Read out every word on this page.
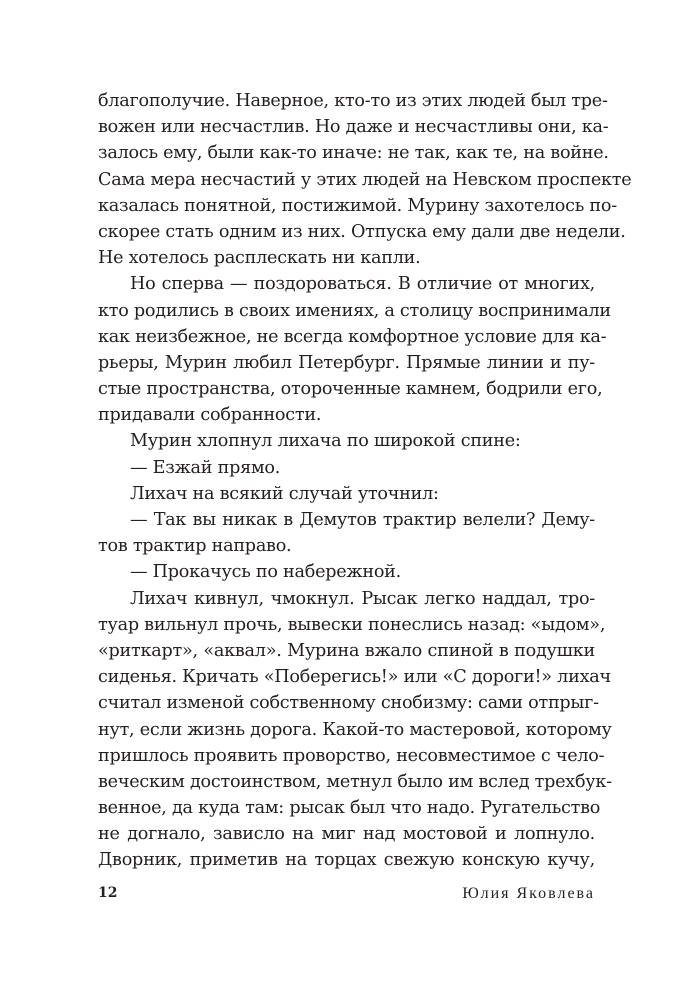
благополучие. Наверное, кто-то из этих людей был тре-
вожен или несчастлив. Но даже и несчастливы они, ка-
залось ему, были как-то иначе: не так, как те, на войне.
Сама мера несчастий у этих людей на Невском проспекте
казалась понятной, постижимой. Мурину захотелось по-
скорее стать одним из них. Отпуска ему дали две недели.
Не хотелось расплескать ни капли.
Но сперва — поздороваться. В отличие от многих,
кто родились в своих имениях, а столицу воспринимали
как неизбежное, не всегда комфортное условие для ка-
рьеры, Мурин любил Петербург. Прямые линии и пу-
стые пространства, отороченные камнем, бодрили его,
придавали собранности.
Мурин хлопнул лихача по широкой спине:
— Езжай прямо.
Лихач на всякий случай уточнил:
— Так вы никак в Демутов трактир велели? Дему-
тов трактир направо.
— Прокачусь по набережной.
Лихач кивнул, чмокнул. Рысак легко наддал, тро-
туар вильнул прочь, вывески понеслись назад: «ыдом»,
«риткарт», «аквал». Мурина вжало спиной в подушки
сиденья. Кричать «Поберегись!» или «С дороги!» лихач
считал изменой собственному снобизму: сами отпрыг-
нут, если жизнь дорога. Какой-то мастеровой, которому
пришлось проявить проворство, несовместимое с чело-
веческим достоинством, метнул было им вслед трехбук-
венное, да куда там: рысак был что надо. Ругательство
не догнало, зависло на миг над мостовой и лопнуло.
Дворник, приметив на торцах свежую конскую кучу,
12	Юлия Яковлева
